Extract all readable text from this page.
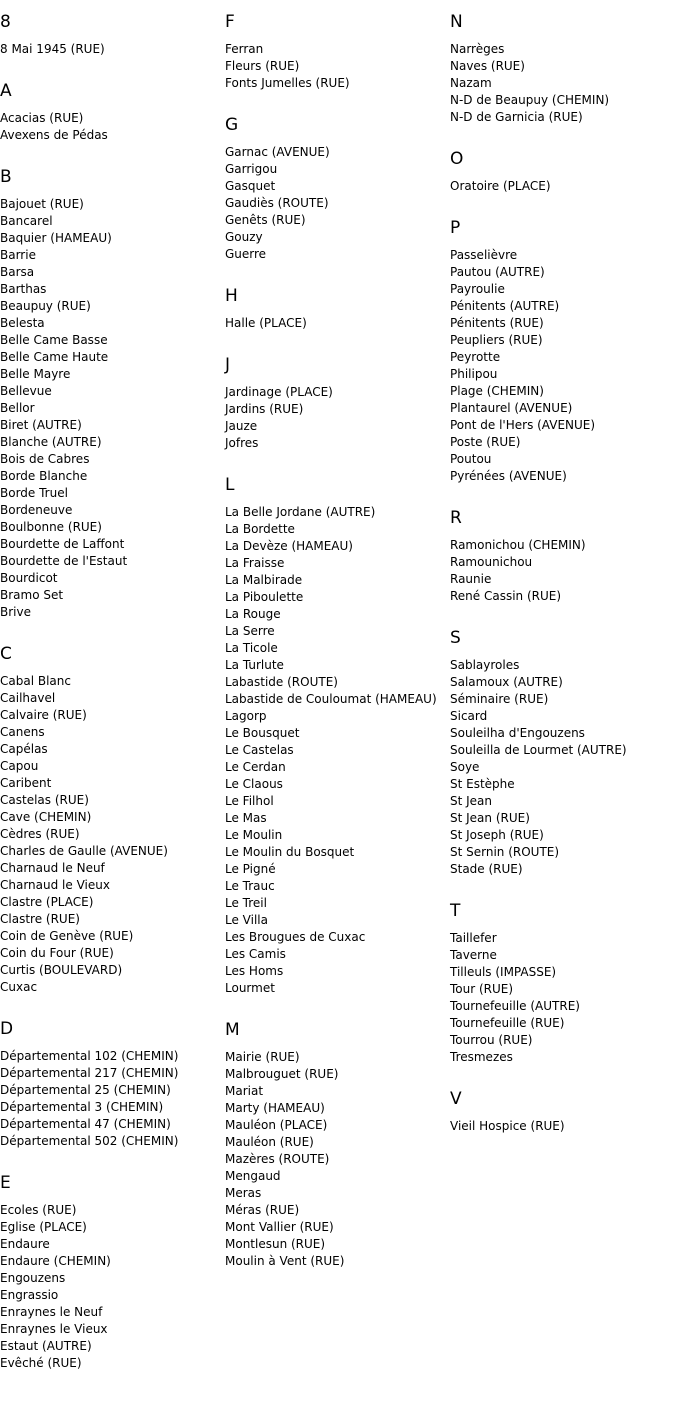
8
8 Mai 1945 (RUE)
A
Acacias (RUE)
Avexens de Pédas
B
Bajouet (RUE)
Bancarel
Baquier (HAMEAU)
Barrie
Barsa
Barthas
Beaupuy (RUE)
Belesta
Belle Came Basse
Belle Came Haute
Belle Mayre
Bellevue
Bellor
Biret (AUTRE)
Blanche (AUTRE)
Bois de Cabres
Borde Blanche
Borde Truel
Bordeneuve
Boulbonne (RUE)
Bourdette de Laffont
Bourdette de l'Estaut
Bourdicot
Bramo Set
Brive
C
Cabal Blanc
Cailhavel
Calvaire (RUE)
Canens
Capélas
Capou
Caribent
Castelas (RUE)
Cave (CHEMIN)
Cèdres (RUE)
Charles de Gaulle (AVENUE)
Charnaud le Neuf
Charnaud le Vieux
Clastre (PLACE)
Clastre (RUE)
Coin de Genève (RUE)
Coin du Four (RUE)
Curtis (BOULEVARD)
Cuxac
D
Départemental 102 (CHEMIN)
Départemental 217 (CHEMIN)
Départemental 25 (CHEMIN)
Départemental 3 (CHEMIN)
Départemental 47 (CHEMIN)
Départemental 502 (CHEMIN)
E
Ecoles (RUE)
Eglise (PLACE)
Endaure
Endaure (CHEMIN)
Engouzens
Engrassio
Enraynes le Neuf
Enraynes le Vieux
Estaut (AUTRE)
Evêché (RUE)
F
Ferran
Fleurs (RUE)
Fonts Jumelles (RUE)
G
Garnac (AVENUE)
Garrigou
Gasquet
Gaudiès (ROUTE)
Genêts (RUE)
Gouzy
Guerre
H
Halle (PLACE)
J
Jardinage (PLACE)
Jardins (RUE)
Jauze
Jofres
L
La Belle Jordane (AUTRE)
La Bordette
La Devèze (HAMEAU)
La Fraisse
La Malbirade
La Piboulette
La Rouge
La Serre
La Ticole
La Turlute
Labastide (ROUTE)
Labastide de Couloumat (HAMEAU)
Lagorp
Le Bousquet
Le Castelas
Le Cerdan
Le Claous
Le Filhol
Le Mas
Le Moulin
Le Moulin du Bosquet
Le Pigné
Le Trauc
Le Treil
Le Villa
Les Brougues de Cuxac
Les Camis
Les Homs
Lourmet
M
Mairie (RUE)
Malbrouguet (RUE)
Mariat
Marty (HAMEAU)
Mauléon (PLACE)
Mauléon (RUE)
Mazères (ROUTE)
Mengaud
Meras
Méras (RUE)
Mont Vallier (RUE)
Montlesun (RUE)
Moulin à Vent (RUE)
N
Narrèges
Naves (RUE)
Nazam
N-D de Beaupuy (CHEMIN)
N-D de Garnicia (RUE)
O
Oratoire (PLACE)
P
Passelièvre
Pautou (AUTRE)
Payroulie
Pénitents (AUTRE)
Pénitents (RUE)
Peupliers (RUE)
Peyrotte
Philipou
Plage (CHEMIN)
Plantaurel (AVENUE)
Pont de l'Hers (AVENUE)
Poste (RUE)
Poutou
Pyrénées (AVENUE)
R
Ramonichou (CHEMIN)
Ramounichou
Raunie
René Cassin (RUE)
S
Sablayroles
Salamoux (AUTRE)
Séminaire (RUE)
Sicard
Souleilha d'Engouzens
Souleilla de Lourmet (AUTRE)
Soye
St Estèphe
St Jean
St Jean (RUE)
St Joseph (RUE)
St Sernin (ROUTE)
Stade (RUE)
T
Taillefer
Taverne
Tilleuls (IMPASSE)
Tour (RUE)
Tournefeuille (AUTRE)
Tournefeuille (RUE)
Tourrou (RUE)
Tresmezes
V
Vieil Hospice (RUE)
